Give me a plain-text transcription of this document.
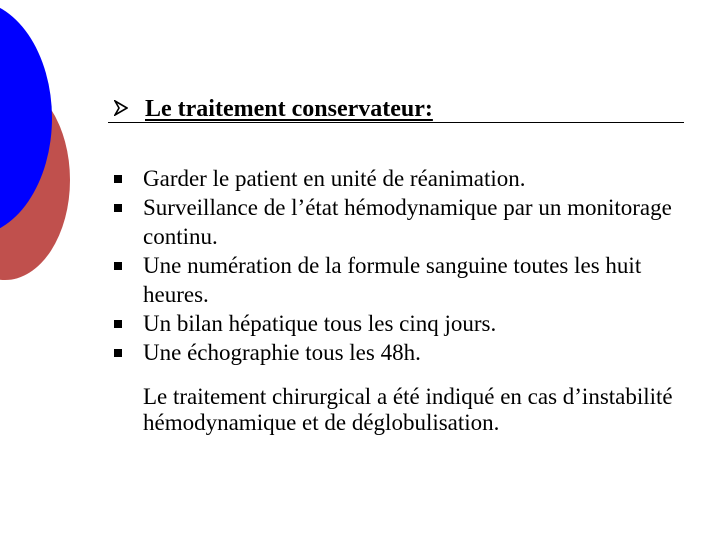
Le traitement conservateur:
Garder le patient en unité de réanimation.
Surveillance de l’état hémodynamique par un monitorage continu.
Une numération de la formule sanguine toutes les huit heures.
Un bilan hépatique tous les cinq jours.
Une échographie tous les 48h.

Le traitement chirurgical a été indiqué en cas d’instabilité hémodynamique et de déglobulisation.
